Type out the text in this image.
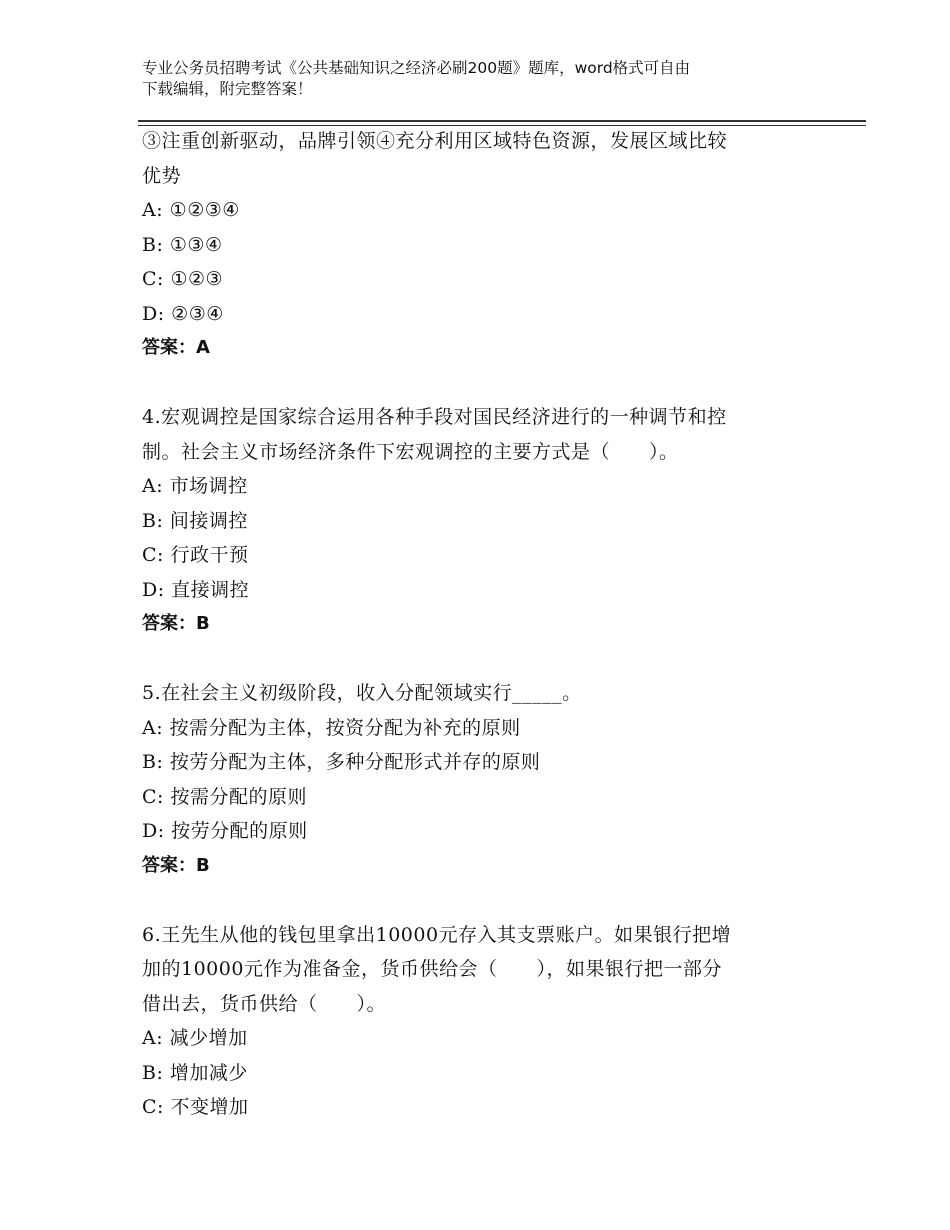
专业公务员招聘考试《公共基础知识之经济必刷200题》题库，word格式可自由
下载编辑，附完整答案！
③注重创新驱动，品牌引领④充分利用区域特色资源，发展区域比较
优势
A: ①②③④
B: ①③④
C: ①②③
D: ②③④
答案：A
4.宏观调控是国家综合运用各种手段对国民经济进行的一种调节和控
制。社会主义市场经济条件下宏观调控的主要方式是（　　）。
A: 市场调控
B: 间接调控
C: 行政干预
D: 直接调控
答案：B
5.在社会主义初级阶段，收入分配领域实行_____。
A: 按需分配为主体，按资分配为补充的原则
B: 按劳分配为主体，多种分配形式并存的原则
C: 按需分配的原则
D: 按劳分配的原则
答案：B
6.王先生从他的钱包里拿出10000元存入其支票账户。如果银行把增
加的10000元作为准备金，货币供给会（　　），如果银行把一部分
借出去，货币供给（　　）。
A: 减少增加
B: 增加减少
C: 不变增加
